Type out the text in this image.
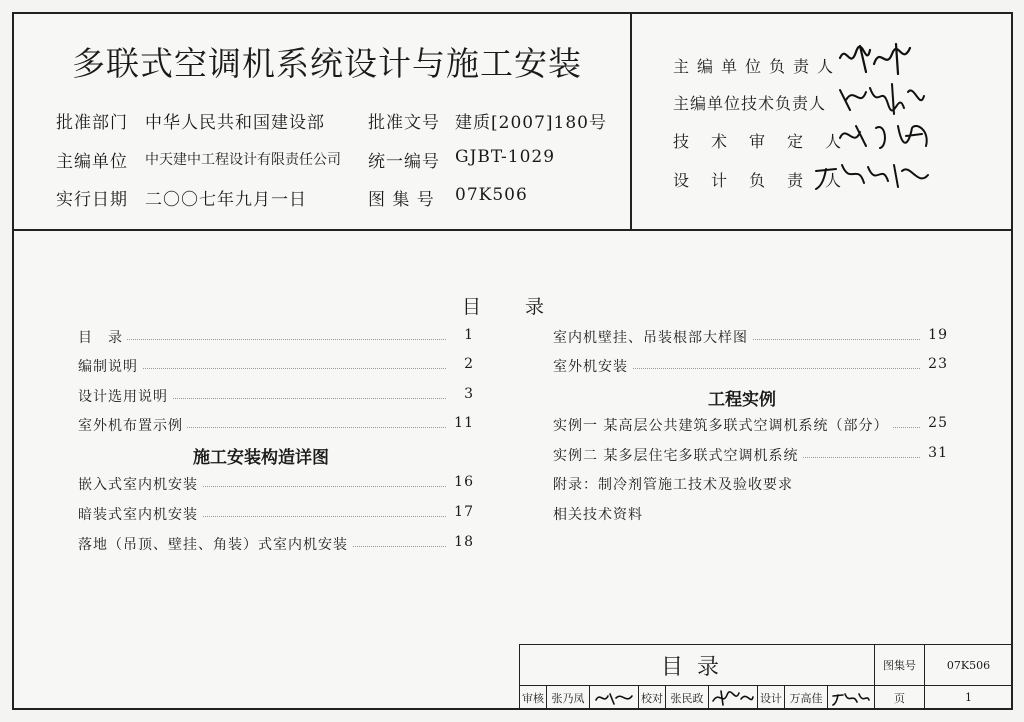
多联式空调机系统设计与施工安装
批准部门 中华人民共和国建设部	批准文号 建质[2007]180号
主编单位 中天建中工程设计有限责任公司 统一编号 GJBT-1029
实行日期 二〇〇七年九月一日	图 集 号 07K506
主编单位负责人
主编单位技术负责人
技术审定人
设计负责人
目　　录
目　录	1
编制说明	2
设计选用说明	3
室外机布置示例	11
施工安装构造详图
嵌入式室内机安装	16
暗装式室内机安装	17
落地（吊顶、壁挂、角装）式室内机安装	18
室内机壁挂、吊装根部大样图	19
室外机安装	23
工程实例
实例一 某高层公共建筑多联式空调机系统（部分）	25
实例二 某多层住宅多联式空调机系统	31
附录：制冷剂管施工技术及验收要求
相关技术资料
目录	图集号	07K506
审核 张乃凤	校对 张民政	设计 万高佳	页	1
